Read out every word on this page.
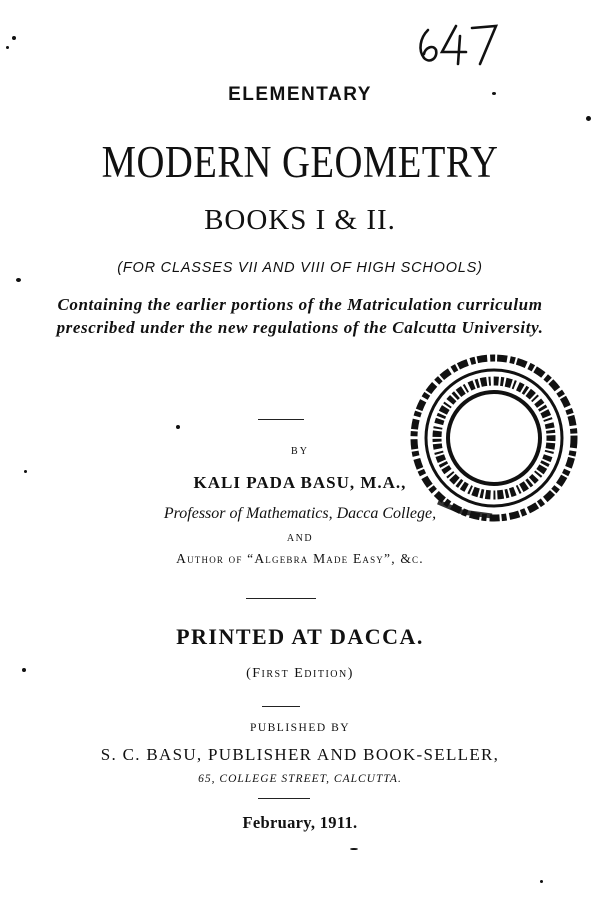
ELEMENTARY
MODERN GEOMETRY
BOOKS I & II.
(FOR CLASSES VII AND VIII OF HIGH SCHOOLS)
Containing the earlier portions of the Matriculation curriculum prescribed under the new regulations of the Calcutta University.
BY
KALI PADA BASU, M.A.,
Professor of Mathematics, Dacca College,
AND
Author of “Algebra Made Easy”, &c.
PRINTED AT DACCA.
(First Edition)
PUBLISHED BY
S. C. BASU, PUBLISHER AND BOOK-SELLER,
65, COLLEGE STREET, CALCUTTA.
February, 1911.
